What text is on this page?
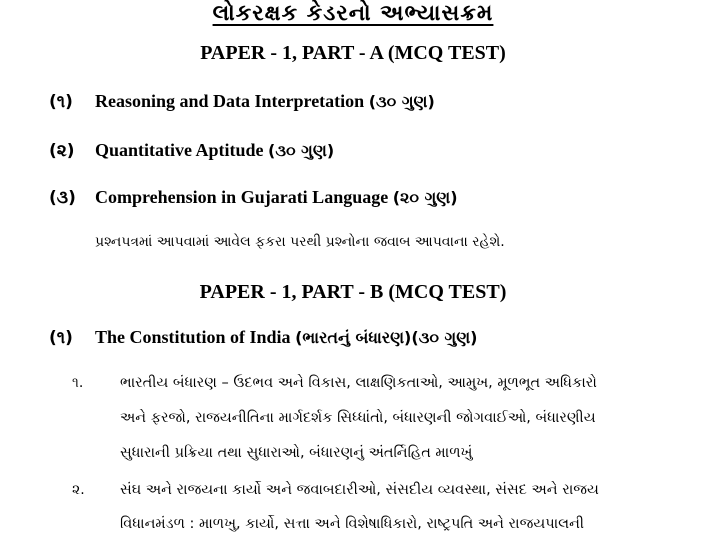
લોકરક્ષક કેડરનો અભ્યાસક્રમ
PAPER - 1, PART - A (MCQ TEST)
(૧) Reasoning and Data Interpretation (૩૦ ગુણ)
(૨) Quantitative Aptitude (૩૦ ગુણ)
(૩) Comprehension in Gujarati Language (૨૦ ગુણ)
પ્રશ્નપત્રમાં આપવામાં આવેલ ફકરા પરથી પ્રશ્નોના જવાબ આપવાના રહેશે.
PAPER - 1, PART - B (MCQ TEST)
(૧) The Constitution of India (ભારતનું બંધારણ)(૩૦ ગુણ)
૧.	ભારતીય બંધારણ – ઉદભવ અને વિકાસ, લાક્ષણિકતાઓ, આમુખ, મૂળભૂત અધિકારો
અને ફરજો, રાજયનીતિના માર્ગદર્શક સિધ્ધાંતો, બંધારણની જોગવાઈઓ, બંધારણીય
સુધારાની પ્રક્રિયા તથા સુધારાઓ, બંધારણનું અંતર્નિહિત માળખું
૨. સંઘ અને રાજયના કાર્યો અને જવાબદારીઓ, સંસદીય વ્યવસ્થા, સંસદ અને રાજય
વિધાનમંડળ : માળખુ, કાર્યો, સત્તા અને વિશેષાધિકારો, રાષ્ટ્રપતિ અને રાજયપાલની
